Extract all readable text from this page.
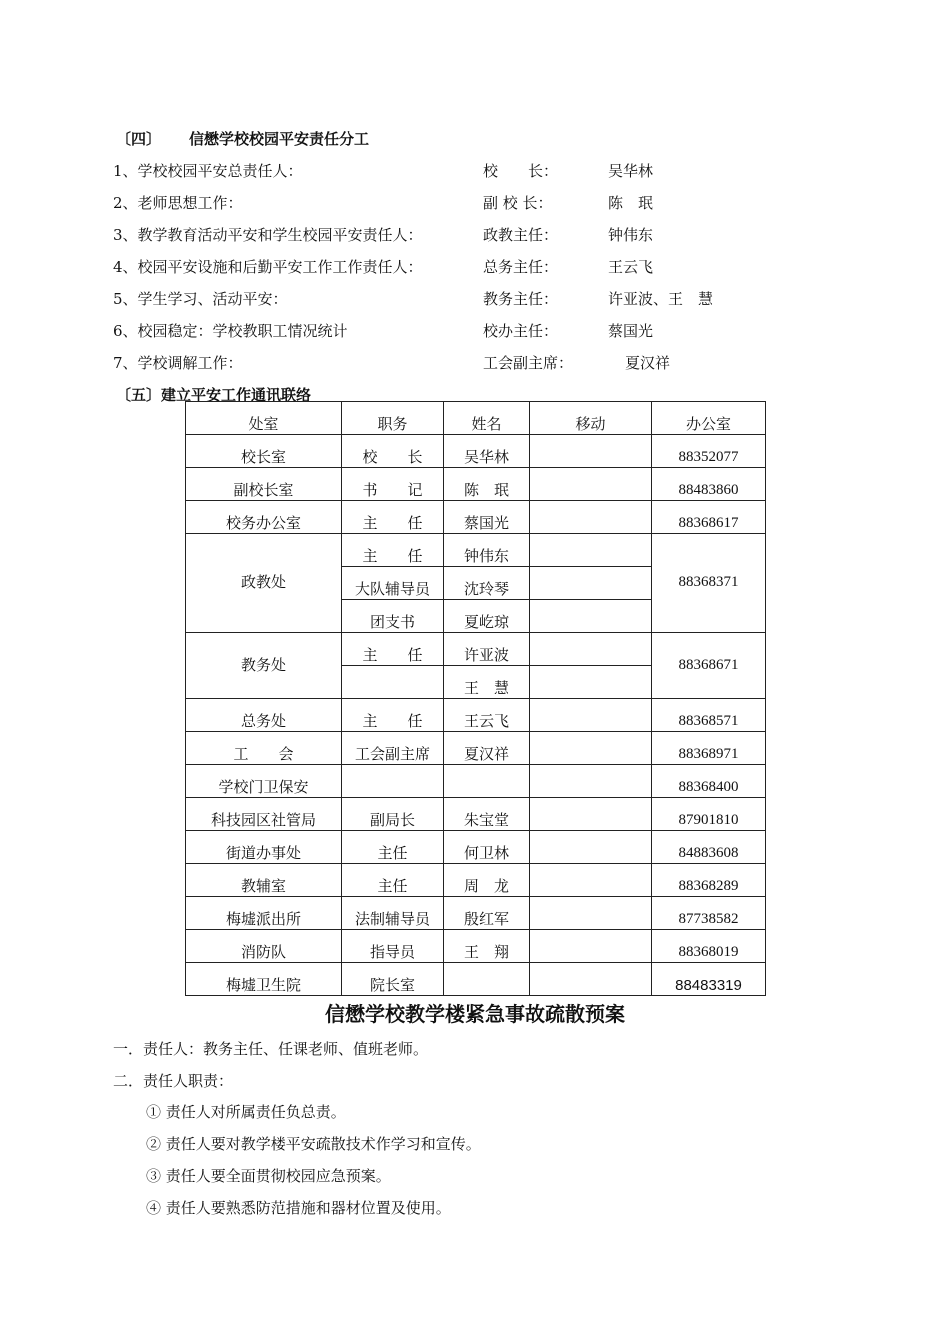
〔四〕 信懋学校校园平安责任分工
1、学校校园平安总责任人：	校　　长：	吴华林
2、老师思想工作：	副 校 长：	陈　珉
3、教学教育活动平安和学生校园平安责任人：	政教主任：	钟伟东
4、校园平安设施和后勤平安工作工作责任人：	总务主任：	王云飞
5、学生学习、活动平安：	教务主任：	许亚波、王　慧
6、校园稳定：学校教职工情况统计	校办主任：	蔡国光
7、学校调解工作：	工会副主席：	夏汉祥
〔五〕建立平安工作通讯联络
处室	职务	姓名	移动	办公室
校长室	校　　长	吴华林		88352077
副校长室	书　　记	陈　珉		88483860
校务办公室	主　　任	蔡国光		88368617
政教处	主　　任	钟伟东		88368371
	大队辅导员	沈玲琴		
	团支书	夏屹琼		
教务处	主　　任	许亚波		88368671
		王　慧		
总务处	主　　任	王云飞		88368571
工　　会	工会副主席	夏汉祥		88368971
学校门卫保安				88368400
科技园区社管局	副局长	朱宝堂		87901810
街道办事处	主任	何卫林		84883608
教辅室	主任	周　龙		88368289
梅墟派出所	法制辅导员	殷红军		87738582
消防队	指导员	王　翔		88368019
梅墟卫生院	院长室			88483319
信懋学校教学楼紧急事故疏散预案
一．责任人：教务主任、任课老师、值班老师。
二．责任人职责：
① 责任人对所属责任负总责。
② 责任人要对教学楼平安疏散技术作学习和宣传。
③ 责任人要全面贯彻校园应急预案。
④ 责任人要熟悉防范措施和器材位置及使用。
